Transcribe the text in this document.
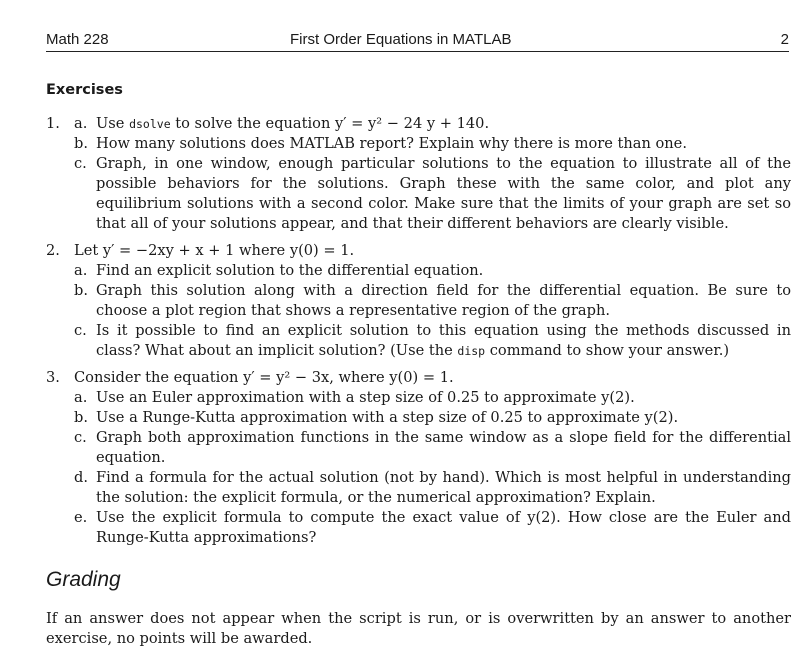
Math 228	First Order Equations in MATLAB	2
Exercises
1. a. Use dsolve to solve the equation y′ = y² − 24 y + 140.
b. How many solutions does MATLAB report? Explain why there is more than one.
c. Graph, in one window, enough particular solutions to the equation to illustrate all of the possible behaviors for the solutions. Graph these with the same color, and plot any equilibrium solutions with a second color. Make sure that the limits of your graph are set so that all of your solutions appear, and that their different behaviors are clearly visible.
2. Let y′ = −2xy + x + 1 where y(0) = 1.
a. Find an explicit solution to the differential equation.
b. Graph this solution along with a direction field for the differential equation. Be sure to choose a plot region that shows a representative region of the graph.
c. Is it possible to find an explicit solution to this equation using the methods discussed in class? What about an implicit solution? (Use the disp command to show your answer.)
3. Consider the equation y′ = y² − 3x, where y(0) = 1.
a. Use an Euler approximation with a step size of 0.25 to approximate y(2).
b. Use a Runge-Kutta approximation with a step size of 0.25 to approximate y(2).
c. Graph both approximation functions in the same window as a slope field for the differential equation.
d. Find a formula for the actual solution (not by hand). Which is most helpful in understanding the solution: the explicit formula, or the numerical approximation? Explain.
e. Use the explicit formula to compute the exact value of y(2). How close are the Euler and Runge-Kutta approximations?
Grading
If an answer does not appear when the script is run, or is overwritten by an answer to another exercise, no points will be awarded.
